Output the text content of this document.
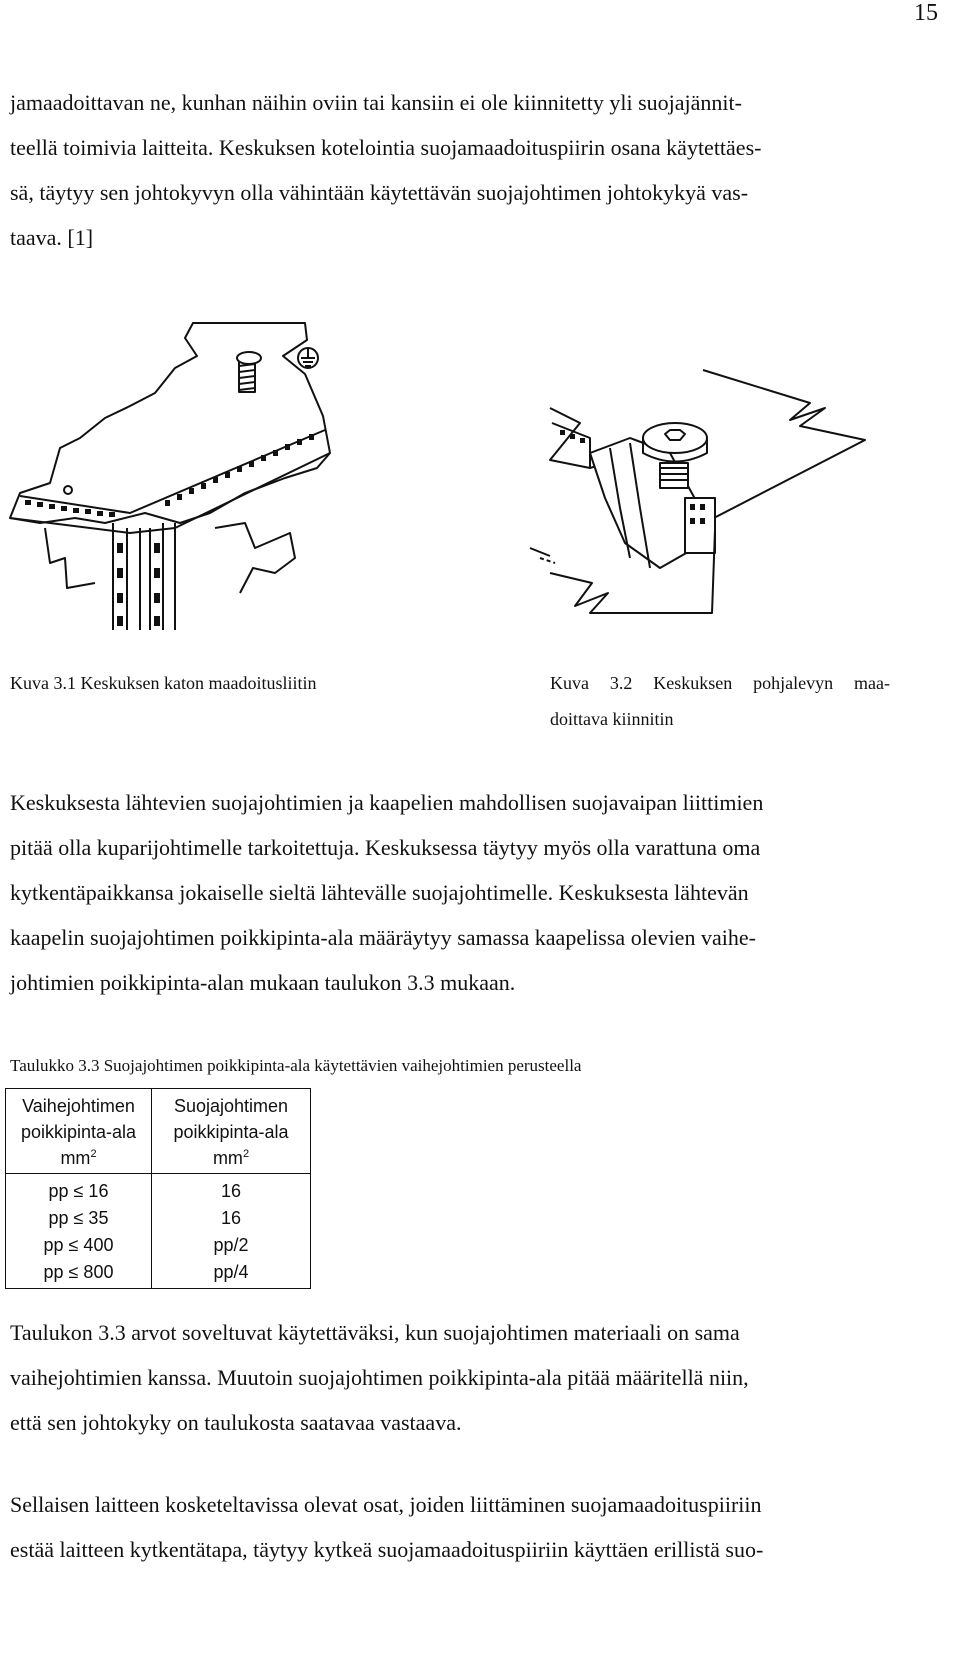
15

jamaadoittavan ne, kunhan näihin oviin tai kansiin ei ole kiinnitetty yli suojajännit-
teellä toimivia laitteita. Keskuksen kotelointia suojamaadoituspiirin osana käytettäes-
sä, täytyy sen johtokyvyn olla vähintään käytettävän suojajohtimen johtokykyä vas-
taava. [1]

Kuva 3.1 Keskuksen katon maadoitusliitin	Kuva 3.2 Keskuksen pohjalevyn maa-
doittava kiinnitin

Keskuksesta lähtevien suojajohtimien ja kaapelien mahdollisen suojavaipan liittimien
pitää olla kuparijohtimelle tarkoitettuja. Keskuksessa täytyy myös olla varattuna oma
kytkentäpaikkansa jokaiselle sieltä lähtevälle suojajohtimelle. Keskuksesta lähtevän
kaapelin suojajohtimen poikkipinta-ala määräytyy samassa kaapelissa olevien vaihe-
johtimien poikkipinta-alan mukaan taulukon 3.3 mukaan.

Taulukko 3.3 Suojajohtimen poikkipinta-ala käytettävien vaihejohtimien perusteella
Vaihejohtimen	Suojajohtimen
poikkipinta-ala	poikkipinta-ala
$mm^2$	$mm^2$
pp ≤ 16	16
pp ≤ 35	16
pp ≤ 400	pp/2
pp ≤ 800	pp/4

Taulukon 3.3 arvot soveltuvat käytettäväksi, kun suojajohtimen materiaali on sama
vaihejohtimien kanssa. Muutoin suojajohtimen poikkipinta-ala pitää määritellä niin,
että sen johtokyky on taulukosta saatavaa vastaava.

Sellaisen laitteen kosketeltavissa olevat osat, joiden liittäminen suojamaadoituspiiriin
estää laitteen kytkentätapa, täytyy kytkeä suojamaadoituspiiriin käyttäen erillistä suo-
